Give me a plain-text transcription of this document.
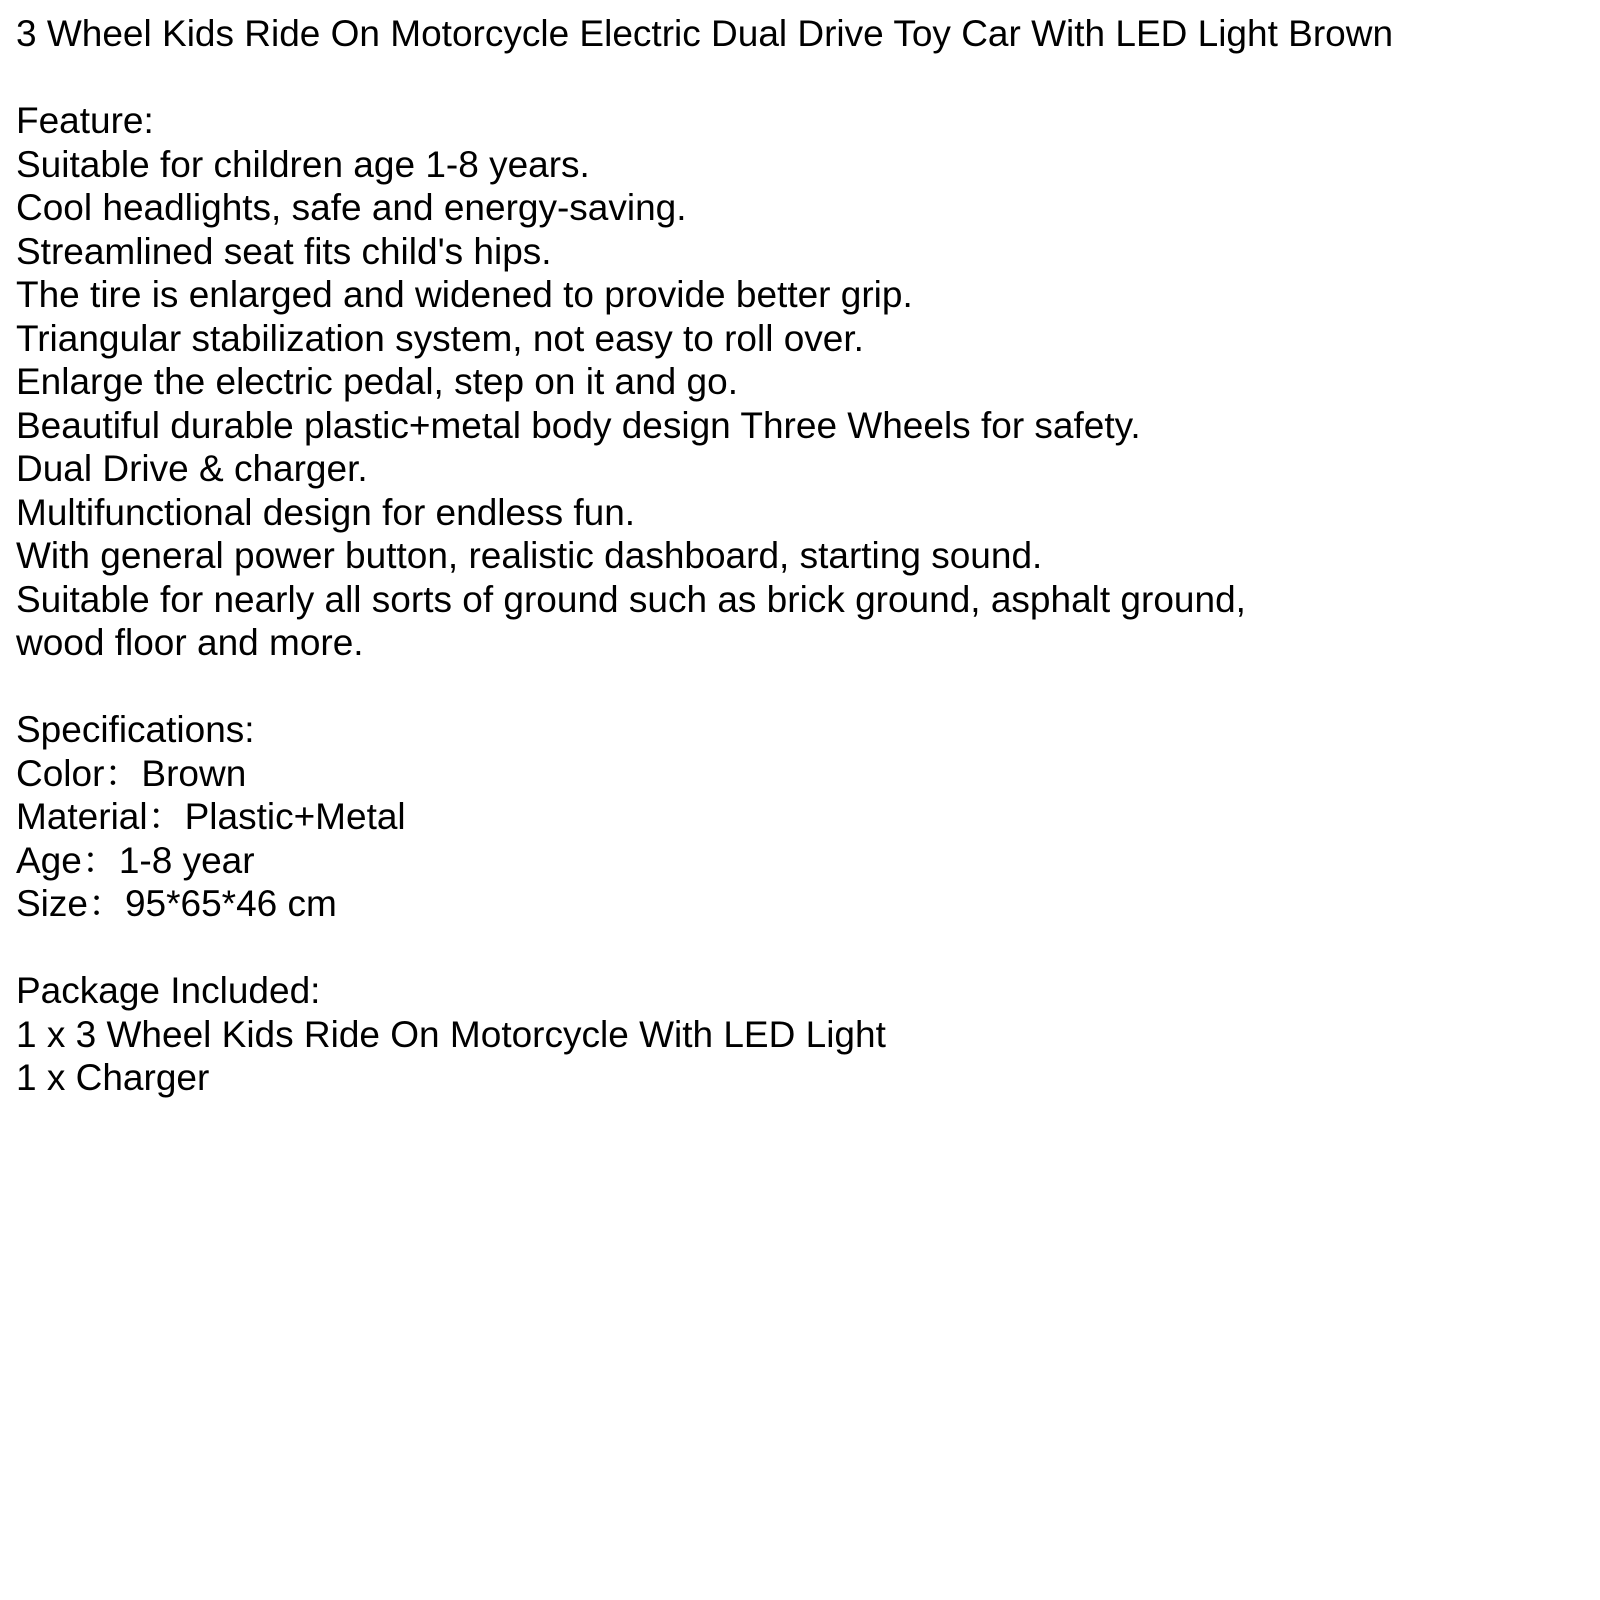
3 Wheel Kids Ride On Motorcycle Electric Dual Drive Toy Car With LED Light Brown

Feature:

Suitable for children age 1-8 years.

Cool headlights, safe and energy-saving.

Streamlined seat fits child's hips.

The tire is enlarged and widened to provide better grip.

Triangular stabilization system, not easy to roll over.

Enlarge the electric pedal, step on it and go.

Beautiful durable plastic+metal body design Three Wheels for safety.

Dual Drive & charger.

Multifunctional design for endless fun.

With general power button, realistic dashboard, starting sound.

Suitable for nearly all sorts of ground such as brick ground, asphalt ground,

wood floor and more.

Specifications:

Color：Brown

Material：Plastic+Metal

Age：1-8 year

Size：95*65*46 cm

Package Included:

1 x 3 Wheel Kids Ride On Motorcycle With LED Light

1 x Charger
